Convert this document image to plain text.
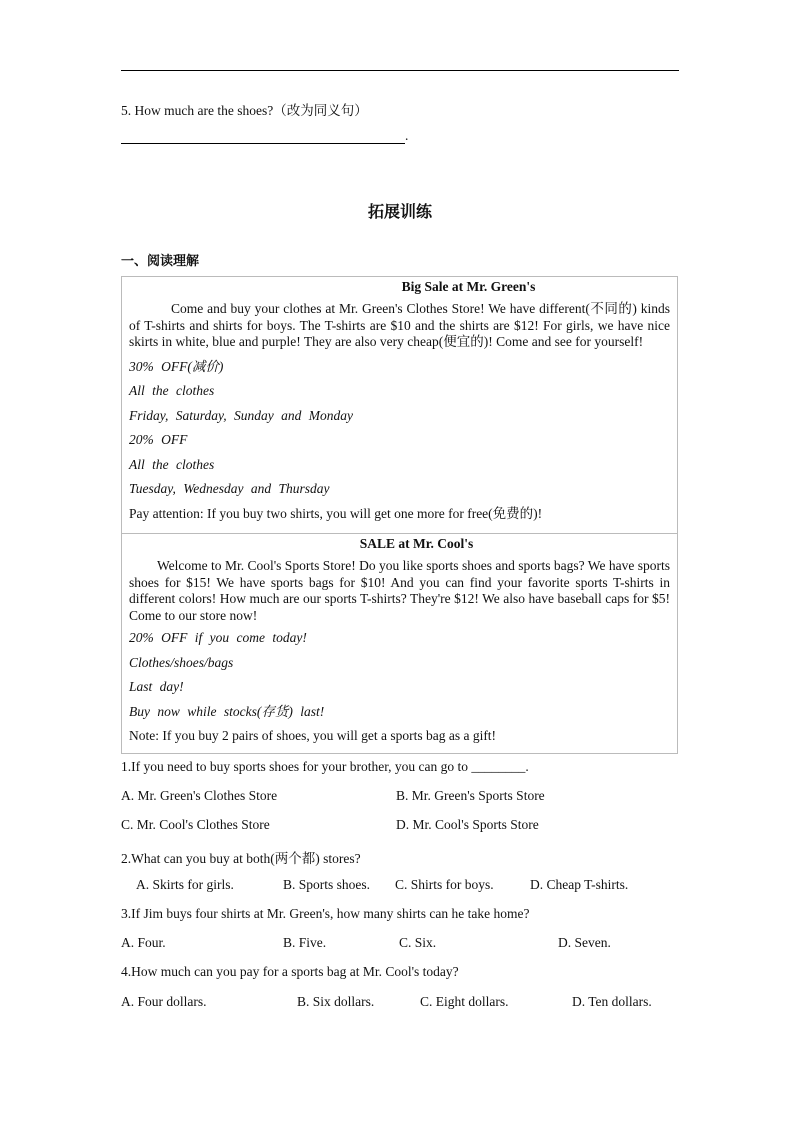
5. How much are the shoes?（改为同义句）
.
拓展训练
一、阅读理解
Big Sale at Mr. Green's

Come and buy your clothes at Mr. Green's Clothes Store! We have different(不同的) kinds of T-shirts and shirts for boys. The T-shirts are $10 and the shirts are $12! For girls, we have nice skirts in white, blue and purple! They are also very cheap(便宜的)! Come and see for yourself!

30% OFF(减价)

All the clothes

Friday, Saturday, Sunday and Monday

20% OFF

All the clothes

Tuesday, Wednesday and Thursday

Pay attention: If you buy two shirts, you will get one more for free(免费的)!

SALE at Mr. Cool's

Welcome to Mr. Cool's Sports Store! Do you like sports shoes and sports bags? We have sports shoes for $15! We have sports bags for $10! And you can find your favorite sports T-shirts in different colors! How much are our sports T-shirts? They're $12! We also have baseball caps for $5! Come to our store now!

20% OFF if you come today!

Clothes/shoes/bags

Last day!

Buy now while stocks(存货) last!

Note: If you buy 2 pairs of shoes, you will get a sports bag as a gift!

1.If you need to buy sports shoes for your brother, you can go to ________.
A. Mr. Green's Clothes Store	B. Mr. Green's Sports Store
C. Mr. Cool's Clothes Store	D. Mr. Cool's Sports Store
2.What can you buy at both(两个都) stores?
A. Skirts for girls.	B. Sports shoes. C. Shirts for boys.	D. Cheap T-shirts.
3.If Jim buys four shirts at Mr. Green's, how many shirts can he take home?
A. Four.	B. Five.	C. Six.	D. Seven.
4.How much can you pay for a sports bag at Mr. Cool's today?
A. Four dollars.	B. Six dollars.	C. Eight dollars.	D. Ten dollars.
